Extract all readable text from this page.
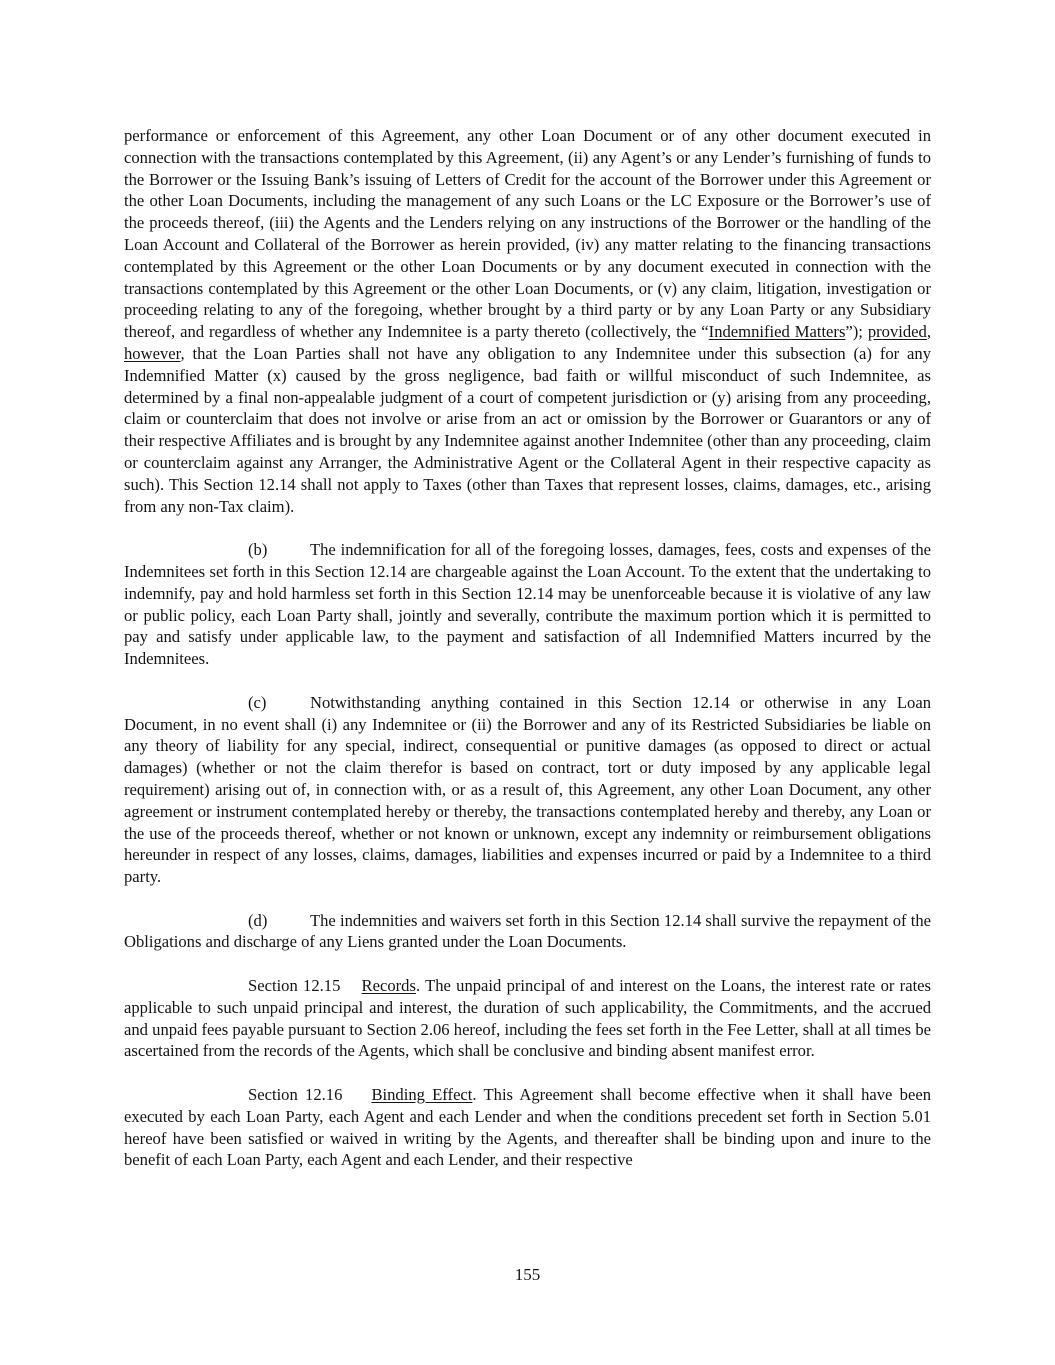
performance or enforcement of this Agreement, any other Loan Document or of any other document executed in connection with the transactions contemplated by this Agreement, (ii) any Agent’s or any Lender’s furnishing of funds to the Borrower or the Issuing Bank’s issuing of Letters of Credit for the account of the Borrower under this Agreement or the other Loan Documents, including the management of any such Loans or the LC Exposure or the Borrower’s use of the proceeds thereof, (iii) the Agents and the Lenders relying on any instructions of the Borrower or the handling of the Loan Account and Collateral of the Borrower as herein provided, (iv) any matter relating to the financing transactions contemplated by this Agreement or the other Loan Documents or by any document executed in connection with the transactions contemplated by this Agreement or the other Loan Documents, or (v) any claim, litigation, investigation or proceeding relating to any of the foregoing, whether brought by a third party or by any Loan Party or any Subsidiary thereof, and regardless of whether any Indemnitee is a party thereto (collectively, the “Indemnified Matters”); provided, however, that the Loan Parties shall not have any obligation to any Indemnitee under this subsection (a) for any Indemnified Matter (x) caused by the gross negligence, bad faith or willful misconduct of such Indemnitee, as determined by a final non-appealable judgment of a court of competent jurisdiction or (y) arising from any proceeding, claim or counterclaim that does not involve or arise from an act or omission by the Borrower or Guarantors or any of their respective Affiliates and is brought by any Indemnitee against another Indemnitee (other than any proceeding, claim or counterclaim against any Arranger, the Administrative Agent or the Collateral Agent in their respective capacity as such). This Section 12.14 shall not apply to Taxes (other than Taxes that represent losses, claims, damages, etc., arising from any non-Tax claim).

(b)	The indemnification for all of the foregoing losses, damages, fees, costs and expenses of the Indemnitees set forth in this Section 12.14 are chargeable against the Loan Account. To the extent that the undertaking to indemnify, pay and hold harmless set forth in this Section 12.14 may be unenforceable because it is violative of any law or public policy, each Loan Party shall, jointly and severally, contribute the maximum portion which it is permitted to pay and satisfy under applicable law, to the payment and satisfaction of all Indemnified Matters incurred by the Indemnitees.

(c)	Notwithstanding anything contained in this Section 12.14 or otherwise in any Loan Document, in no event shall (i) any Indemnitee or (ii) the Borrower and any of its Restricted Subsidiaries be liable on any theory of liability for any special, indirect, consequential or punitive damages (as opposed to direct or actual damages) (whether or not the claim therefor is based on contract, tort or duty imposed by any applicable legal requirement) arising out of, in connection with, or as a result of, this Agreement, any other Loan Document, any other agreement or instrument contemplated hereby or thereby, the transactions contemplated hereby and thereby, any Loan or the use of the proceeds thereof, whether or not known or unknown, except any indemnity or reimbursement obligations hereunder in respect of any losses, claims, damages, liabilities and expenses incurred or paid by a Indemnitee to a third party.

(d)	The indemnities and waivers set forth in this Section 12.14 shall survive the repayment of the Obligations and discharge of any Liens granted under the Loan Documents.

Section 12.15 Records. The unpaid principal of and interest on the Loans, the interest rate or rates applicable to such unpaid principal and interest, the duration of such applicability, the Commitments, and the accrued and unpaid fees payable pursuant to Section 2.06 hereof, including the fees set forth in the Fee Letter, shall at all times be ascertained from the records of the Agents, which shall be conclusive and binding absent manifest error.

Section 12.16 Binding Effect. This Agreement shall become effective when it shall have been executed by each Loan Party, each Agent and each Lender and when the conditions precedent set forth in Section 5.01 hereof have been satisfied or waived in writing by the Agents, and thereafter shall be binding upon and inure to the benefit of each Loan Party, each Agent and each Lender, and their respective

155
